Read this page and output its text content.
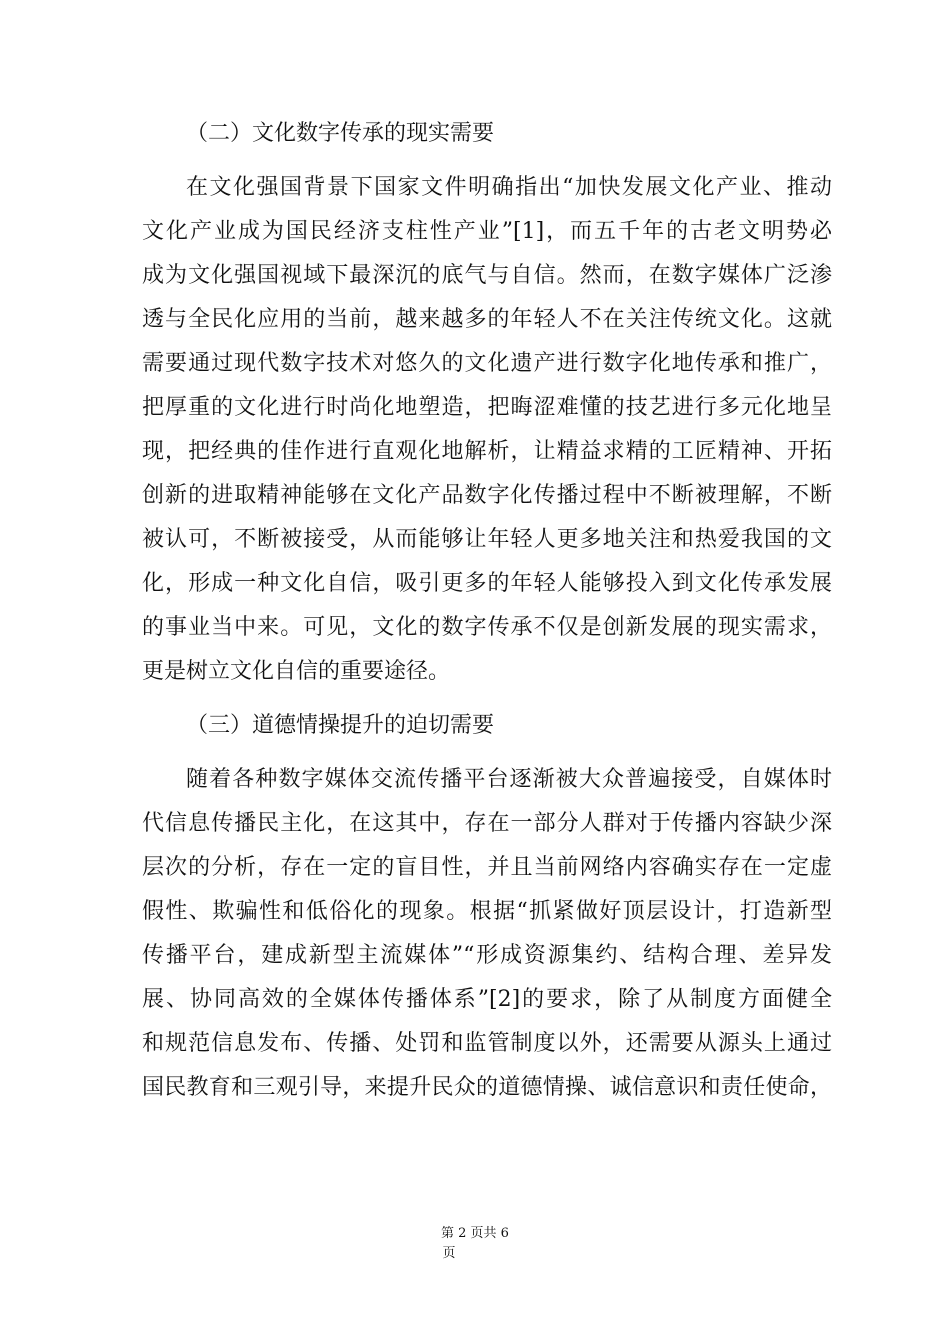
（二）文化数字传承的现实需要
在文化强国背景下国家文件明确指出“加快发展文化产业、推动
文化产业成为国民经济支柱性产业”[1]，而五千年的古老文明势必
成为文化强国视域下最深沉的底气与自信。然而，在数字媒体广泛渗
透与全民化应用的当前，越来越多的年轻人不在关注传统文化。这就
需要通过现代数字技术对悠久的文化遗产进行数字化地传承和推广，
把厚重的文化进行时尚化地塑造，把晦涩难懂的技艺进行多元化地呈
现，把经典的佳作进行直观化地解析，让精益求精的工匠精神、开拓
创新的进取精神能够在文化产品数字化传播过程中不断被理解，不断
被认可，不断被接受，从而能够让年轻人更多地关注和热爱我国的文
化，形成一种文化自信，吸引更多的年轻人能够投入到文化传承发展
的事业当中来。可见，文化的数字传承不仅是创新发展的现实需求，
更是树立文化自信的重要途径。
（三）道德情操提升的迫切需要
随着各种数字媒体交流传播平台逐渐被大众普遍接受，自媒体时
代信息传播民主化，在这其中，存在一部分人群对于传播内容缺少深
层次的分析，存在一定的盲目性，并且当前网络内容确实存在一定虚
假性、欺骗性和低俗化的现象。根据“抓紧做好顶层设计，打造新型
传播平台，建成新型主流媒体”“形成资源集约、结构合理、差异发
展、协同高效的全媒体传播体系”[2]的要求，除了从制度方面健全
和规范信息发布、传播、处罚和监管制度以外，还需要从源头上通过
国民教育和三观引导，来提升民众的道德情操、诚信意识和责任使命，
第 2 页共 6
页
